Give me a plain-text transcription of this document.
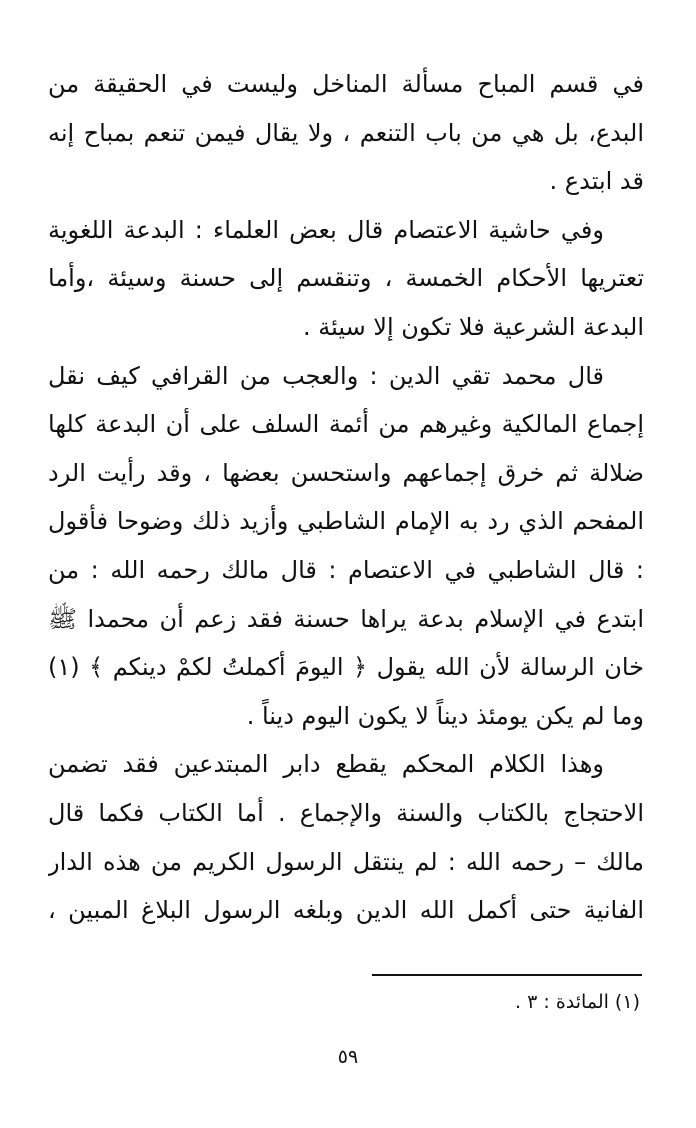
في قسم المباح مسألة المناخل وليست في الحقيقة من
البدع، بل هي من باب التنعم ، ولا يقال فيمن تنعم بمباح إنه
قد ابتدع .
وفي حاشية الاعتصام قال بعض العلماء : البدعة اللغوية
تعتريها الأحكام الخمسة ، وتنقسم إلى حسنة وسيئة ،وأما
البدعة الشرعية فلا تكون إلا سيئة .
قال محمد تقي الدين : والعجب من القرافي كيف نقل
إجماع المالكية وغيرهم من أئمة السلف على أن البدعة كلها
ضلالة ثم خرق إجماعهم واستحسن بعضها ، وقد رأيت الرد
المفحم الذي رد به الإمام الشاطبي وأزيد ذلك وضوحا فأقول
: قال الشاطبي في الاعتصام : قال مالك رحمه الله : من
ابتدع في الإسلام بدعة يراها حسنة فقد زعم أن محمدا ﷺ
خان الرسالة لأن الله يقول ﴿ اليومَ أكملتُ لكمْ دينكم ﴾ (١)
وما لم يكن يومئذ ديناً لا يكون اليوم ديناً .
وهذا الكلام المحكم يقطع دابر المبتدعين فقد تضمن
الاحتجاج بالكتاب والسنة والإجماع . أما الكتاب فكما قال
مالك – رحمه الله : لم ينتقل الرسول الكريم من هذه الدار
الفانية حتى أكمل الله الدين وبلغه الرسول البلاغ المبين ،
(١) المائدة : ٣ .
٥٩
